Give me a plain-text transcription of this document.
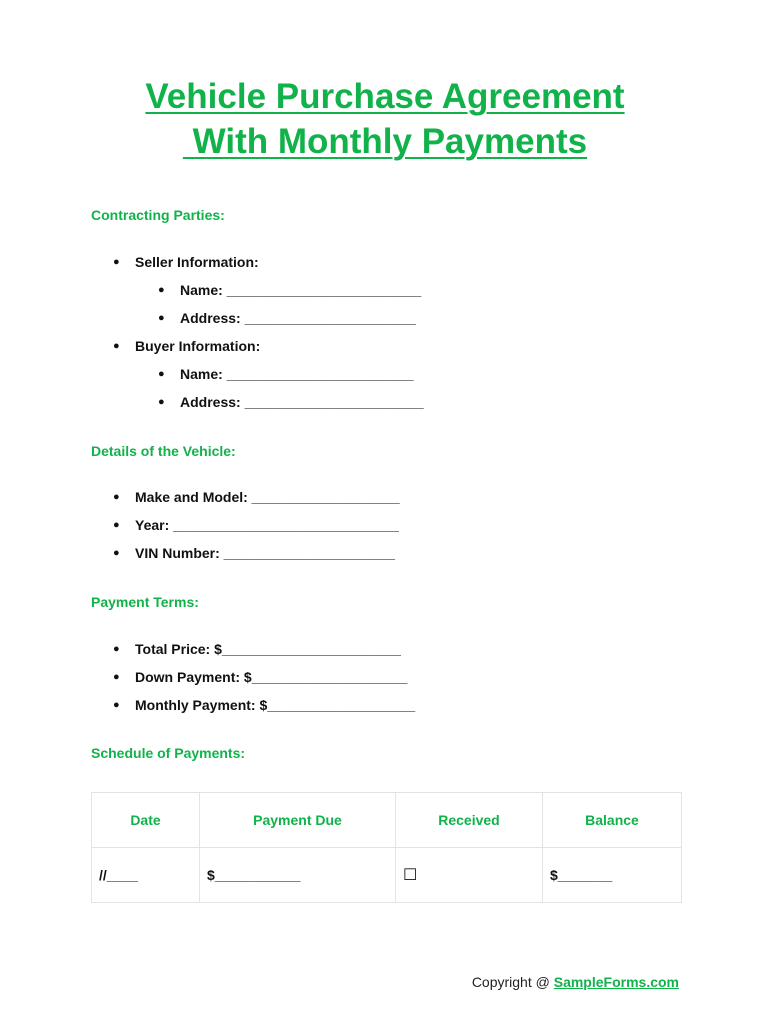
Vehicle Purchase Agreement
With Monthly Payments
Contracting Parties:
●	Seller Information:
●	Name: _________________________
●	Address: ______________________
●	Buyer Information:
●	Name: ________________________
●	Address: _______________________
Details of the Vehicle:
●	Make and Model: ___________________
●	Year: _____________________________
●	VIN Number: ______________________
Payment Terms:
●	Total Price: $_______________________
●	Down Payment: $____________________
●	Monthly Payment: $___________________
Schedule of Payments:
Date	Payment Due	Received	Balance
//____	$___________	☐	$_______
Copyright @ SampleForms.com
